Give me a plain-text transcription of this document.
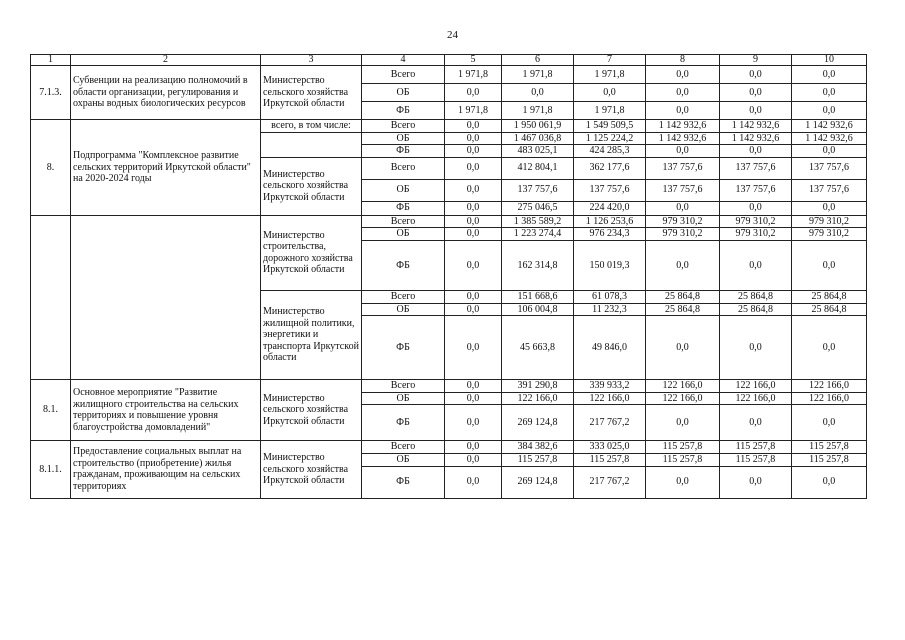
24
1	2	3	4	5	6	7	8	9	10
7.1.3.	Субвенции на реализацию полномочий в области организации, регулирования и охраны водных биологических ресурсов	Министерство сельского хозяйства Иркутской области	Всего	1 971,8	1 971,8	1 971,8	0,0	0,0	0,0
			ОБ	0,0	0,0	0,0	0,0	0,0	0,0
			ФБ	1 971,8	1 971,8	1 971,8	0,0	0,0	0,0
8.	Подпрограмма "Комплексное развитие сельских территорий Иркутской области" на 2020-2024 годы	всего, в том числе:	Всего	0,0	1 950 061,9	1 549 509,5	1 142 932,6	1 142 932,6	1 142 932,6
			ОБ	0,0	1 467 036,8	1 125 224,2	1 142 932,6	1 142 932,6	1 142 932,6
			ФБ	0,0	483 025,1	424 285,3	0,0	0,0	0,0
		Министерство сельского хозяйства Иркутской области	Всего	0,0	412 804,1	362 177,6	137 757,6	137 757,6	137 757,6
			ОБ	0,0	137 757,6	137 757,6	137 757,6	137 757,6	137 757,6
			ФБ	0,0	275 046,5	224 420,0	0,0	0,0	0,0
		Министерство строительства, дорожного хозяйства Иркутской области	Всего	0,0	1 385 589,2	1 126 253,6	979 310,2	979 310,2	979 310,2
			ОБ	0,0	1 223 274,4	976 234,3	979 310,2	979 310,2	979 310,2
			ФБ	0,0	162 314,8	150 019,3	0,0	0,0	0,0
		Министерство жилищной политики, энергетики и транспорта Иркутской области	Всего	0,0	151 668,6	61 078,3	25 864,8	25 864,8	25 864,8
			ОБ	0,0	106 004,8	11 232,3	25 864,8	25 864,8	25 864,8
			ФБ	0,0	45 663,8	49 846,0	0,0	0,0	0,0
8.1.	Основное мероприятие "Развитие жилищного строительства на сельских территориях и повышение уровня благоустройства домовладений"	Министерство сельского хозяйства Иркутской области	Всего	0,0	391 290,8	339 933,2	122 166,0	122 166,0	122 166,0
			ОБ	0,0	122 166,0	122 166,0	122 166,0	122 166,0	122 166,0
			ФБ	0,0	269 124,8	217 767,2	0,0	0,0	0,0
8.1.1.	Предоставление социальных выплат на строительство (приобретение) жилья гражданам, проживающим на сельских территориях	Министерство сельского хозяйства Иркутской области	Всего	0,0	384 382,6	333 025,0	115 257,8	115 257,8	115 257,8
			ОБ	0,0	115 257,8	115 257,8	115 257,8	115 257,8	115 257,8
			ФБ	0,0	269 124,8	217 767,2	0,0	0,0	0,0
